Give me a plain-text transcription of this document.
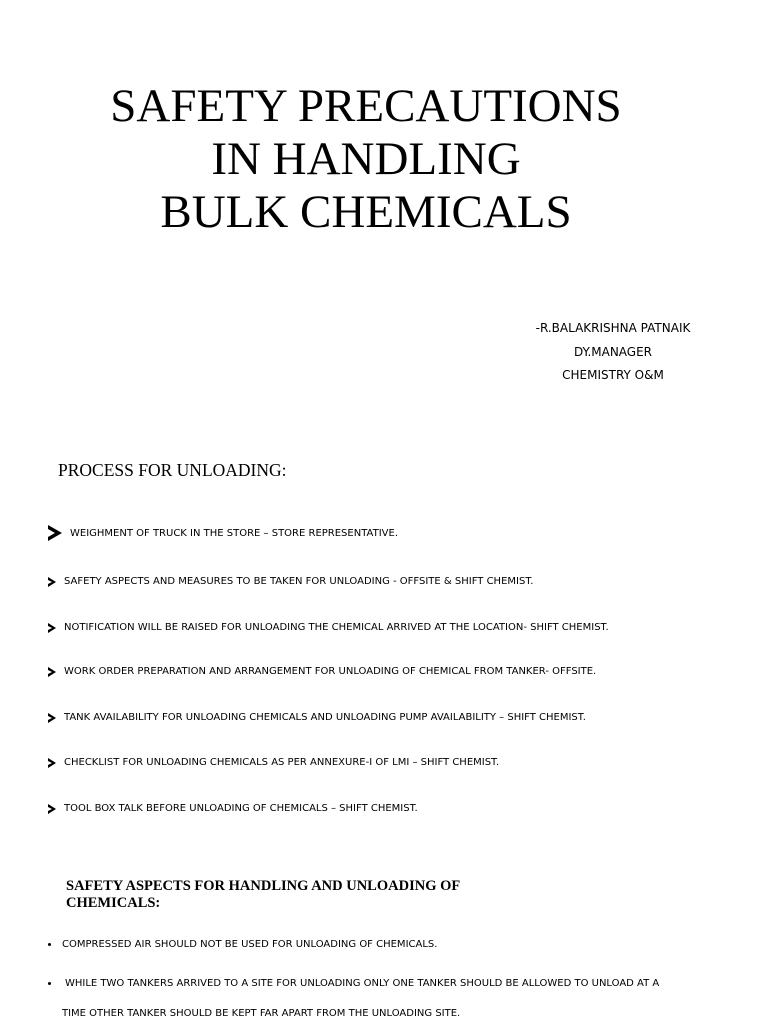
SAFETY PRECAUTIONS
IN HANDLING
BULK CHEMICALS
-R.BALAKRISHNA PATNAIK
DY.MANAGER
CHEMISTRY O&M
PROCESS FOR UNLOADING:
WEIGHMENT OF TRUCK IN THE STORE – STORE REPRESENTATIVE.
SAFETY ASPECTS AND MEASURES TO BE TAKEN FOR UNLOADING - OFFSITE & SHIFT CHEMIST.
NOTIFICATION WILL BE RAISED FOR UNLOADING THE CHEMICAL ARRIVED AT THE LOCATION- SHIFT CHEMIST.
WORK ORDER PREPARATION AND ARRANGEMENT FOR UNLOADING OF CHEMICAL FROM TANKER- OFFSITE.
TANK AVAILABILITY FOR UNLOADING CHEMICALS AND UNLOADING PUMP AVAILABILITY – SHIFT CHEMIST.
CHECKLIST FOR UNLOADING CHEMICALS AS PER ANNEXURE-I OF LMI – SHIFT CHEMIST.
TOOL BOX TALK BEFORE UNLOADING OF CHEMICALS – SHIFT CHEMIST.
SAFETY ASPECTS FOR HANDLING AND UNLOADING OF
CHEMICALS:
COMPRESSED AIR SHOULD NOT BE USED FOR UNLOADING OF CHEMICALS.
WHILE TWO TANKERS ARRIVED TO A SITE FOR UNLOADING ONLY ONE TANKER SHOULD BE ALLOWED TO UNLOAD AT A
TIME OTHER TANKER SHOULD BE KEPT FAR APART FROM THE UNLOADING SITE.
